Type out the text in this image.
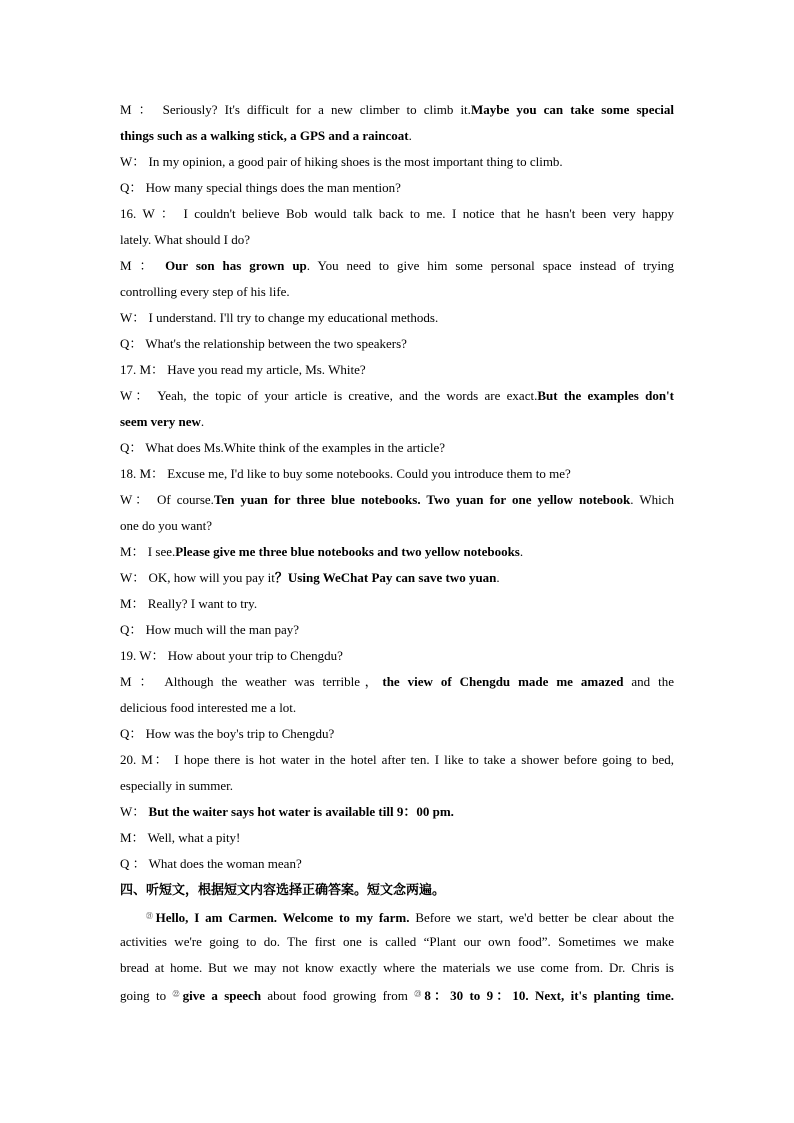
M ： Seriously? It's difficult for a new climber to climb it.Maybe you can take some special
things such as a walking stick, a GPS and a raincoat.
W： In my opinion, a good pair of hiking shoes is the most important thing to climb.
Q： How many special things does the man mention?
16. W ： I couldn't believe Bob would talk back to me. I notice that he hasn't been very happy
lately. What should I do?
M ： Our son has grown up. You need to give him some personal space instead of trying
controlling every step of his life.
W： I understand. I'll try to change my educational methods.
Q： What's the relationship between the two speakers?
17. M： Have you read my article, Ms. White?
W： Yeah, the topic of your article is creative, and the words are exact.But the examples don't
seem very new.
Q： What does Ms.White think of the examples in the article?
18. M： Excuse me, I'd like to buy some notebooks. Could you introduce them to me?
W： Of course.Ten yuan for three blue notebooks. Two yuan for one yellow notebook. Which
one do you want?
M： I see.Please give me three blue notebooks and two yellow notebooks.
W： OK, how will you pay it？Using WeChat Pay can save two yuan.
M： Really? I want to try.
Q： How much will the man pay?
19. W： How about your trip to Chengdu?
M ： Although the weather was terrible，the view of Chengdu made me amazed and the
delicious food interested me a lot.
Q： How was the boy's trip to Chengdu?
20. M： I hope there is hot water in the hotel after ten. I like to take a shower before going to bed,
especially in summer.
W： But the waiter says hot water is available till 9：00 pm.
M： Well, what a pity!
Q ： What does the woman mean?
四、听短文，根据短文内容选择正确答案。短文念两遍。
$^㉑$Hello, I am Carmen. Welcome to my farm. Before we start, we'd better be clear about the
activities we're going to do. The first one is called “Plant our own food”. Sometimes we make
bread at home. But we may not know exactly where the materials we use come from. Dr. Chris is
going to $^㉒$give a speech about food growing from $^㉓$8：30 to 9：10. Next, it's planting time.
